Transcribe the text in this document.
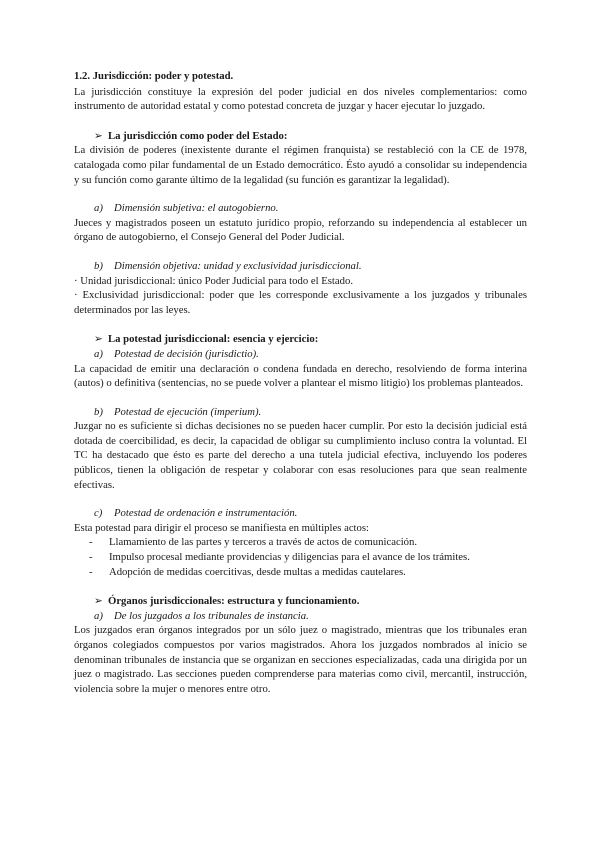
1.2. Jurisdicción: poder y potestad.

La jurisdicción constituye la expresión del poder judicial en dos niveles complementarios: como instrumento de autoridad estatal y como potestad concreta de juzgar y hacer ejecutar lo juzgado.

➢ La jurisdicción como poder del Estado:

La división de poderes (inexistente durante el régimen franquista) se restableció con la CE de 1978, catalogada como pilar fundamental de un Estado democrático. Ésto ayudó a consolidar su independencia y su función como garante último de la legalidad (su función es garantizar la legalidad).

a) Dimensión subjetiva: el autogobierno.

Jueces y magistrados poseen un estatuto jurídico propio, reforzando su independencia al establecer un órgano de autogobierno, el Consejo General del Poder Judicial.

b) Dimensión objetiva: unidad y exclusividad jurisdiccional.

· Unidad jurisdiccional: único Poder Judicial para todo el Estado.

· Exclusividad jurisdiccional: poder que les corresponde exclusivamente a los juzgados y tribunales determinados por las leyes.

➢ La potestad jurisdiccional: esencia y ejercicio:

a) Potestad de decisión (jurisdictio).

La capacidad de emitir una declaración o condena fundada en derecho, resolviendo de forma interina (autos) o definitiva (sentencias, no se puede volver a plantear el mismo litigio) los problemas planteados.

b) Potestad de ejecución (imperium).

Juzgar no es suficiente si dichas decisiones no se pueden hacer cumplir. Por esto la decisión judicial está dotada de coercibilidad, es decir, la capacidad de obligar su cumplimiento incluso contra la voluntad. El TC ha destacado que ésto es parte del derecho a una tutela judicial efectiva, incluyendo los poderes públicos, tienen la obligación de respetar y colaborar con esas resoluciones para que sean realmente efectivas.

c) Potestad de ordenación e instrumentación.

Esta potestad para dirigir el proceso se manifiesta en múltiples actos:

- Llamamiento de las partes y terceros a través de actos de comunicación.
- Impulso procesal mediante providencias y diligencias para el avance de los trámites.
- Adopción de medidas coercitivas, desde multas a medidas cautelares.

➢ Órganos jurisdiccionales: estructura y funcionamiento.

a) De los juzgados a los tribunales de instancia.

Los juzgados eran órganos integrados por un sólo juez o magistrado, mientras que los tribunales eran órganos colegiados compuestos por varios magistrados. Ahora los juzgados nombrados al inicio se denominan tribunales de instancia que se organizan en secciones especializadas, cada una dirigida por un juez o magistrado. Las secciones pueden comprenderse para materias como civil, mercantil, instrucción, violencia sobre la mujer o menores entre otro.
